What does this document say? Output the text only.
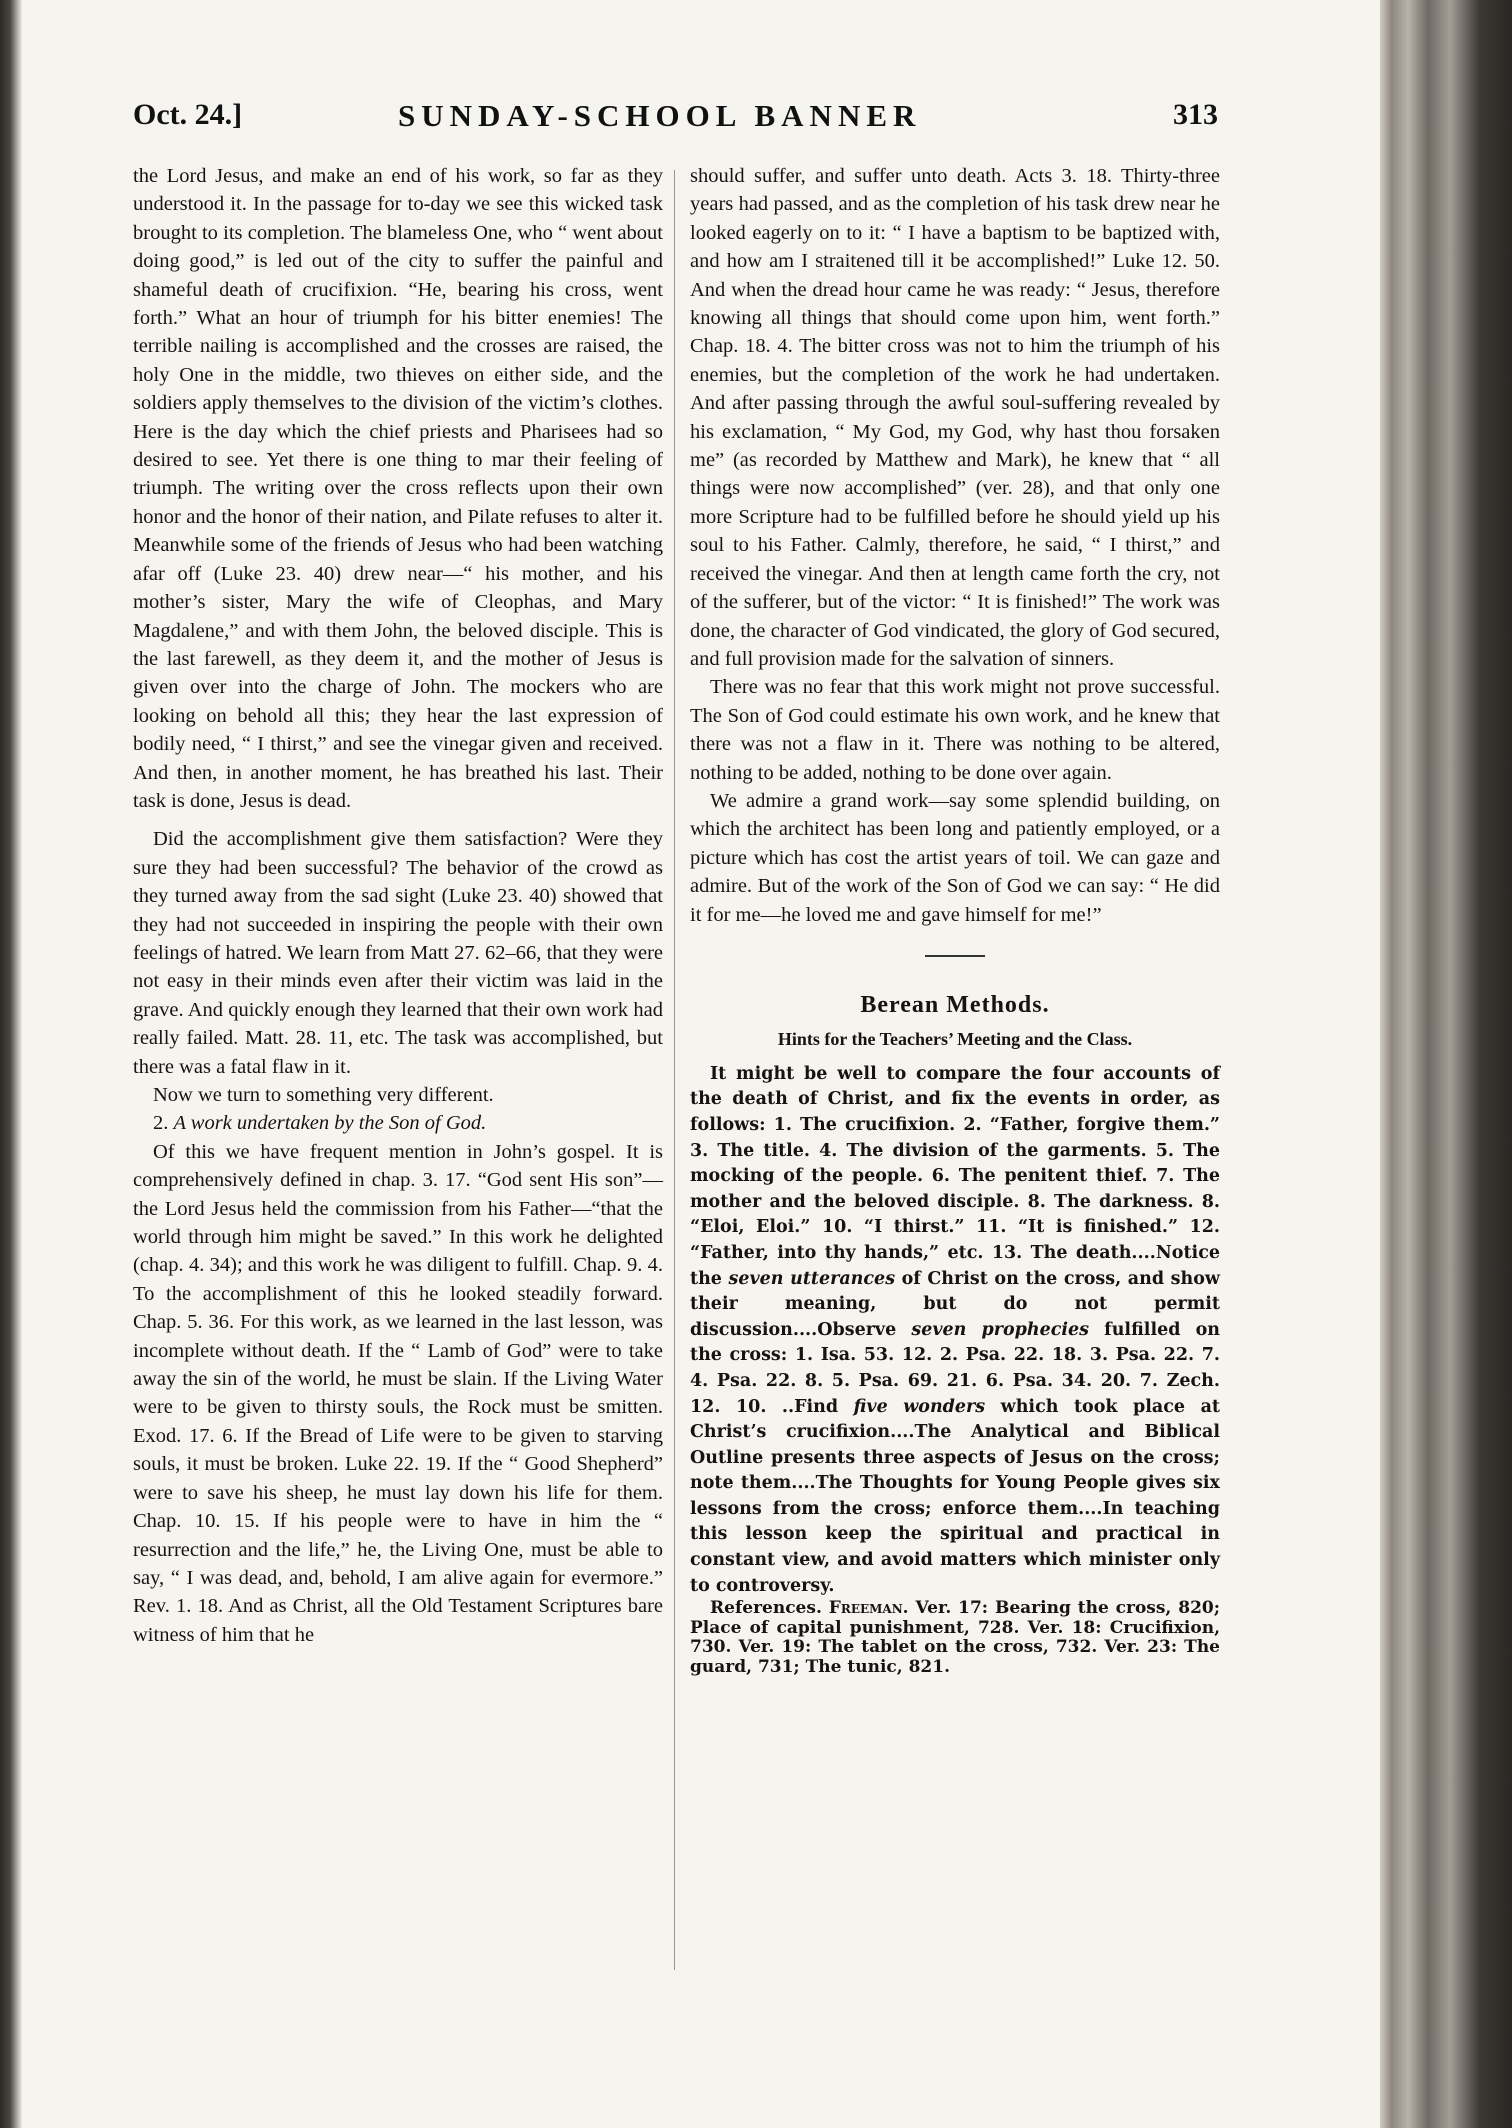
Oct. 24.]	SUNDAY-SCHOOL BANNER	313

the Lord Jesus, and make an end of his work, so far as they understood it. In the passage for to-day we see this wicked task brought to its completion. The blameless One, who “ went about doing good,” is led out of the city to suffer the painful and shameful death of crucifixion. “He, bearing his cross, went forth.” What an hour of triumph for his bitter enemies! The terrible nailing is accomplished and the crosses are raised, the holy One in the middle, two thieves on either side, and the soldiers apply themselves to the division of the victim’s clothes. Here is the day which the chief priests and Pharisees had so desired to see. Yet there is one thing to mar their feeling of triumph. The writing over the cross reflects upon their own honor and the honor of their nation, and Pilate refuses to alter it. Meanwhile some of the friends of Jesus who had been watching afar off (Luke 23. 40) drew near—“ his mother, and his mother’s sister, Mary the wife of Cleophas, and Mary Magdalene,” and with them John, the beloved disciple. This is the last farewell, as they deem it, and the mother of Jesus is given over into the charge of John. The mockers who are looking on behold all this; they hear the last expression of bodily need, “ I thirst,” and see the vinegar given and received. And then, in another moment, he has breathed his last. Their task is done, Jesus is dead.

Did the accomplishment give them satisfaction? Were they sure they had been successful? The behavior of the crowd as they turned away from the sad sight (Luke 23. 40) showed that they had not succeeded in inspiring the people with their own feelings of hatred. We learn from Matt 27. 62–66, that they were not easy in their minds even after their victim was laid in the grave. And quickly enough they learned that their own work had really failed. Matt. 28. 11, etc. The task was accomplished, but there was a fatal flaw in it.

Now we turn to something very different.

2. A work undertaken by the Son of God.

Of this we have frequent mention in John’s gospel. It is comprehensively defined in chap. 3. 17. “God sent His son”—the Lord Jesus held the commission from his Father—“that the world through him might be saved.” In this work he delighted (chap. 4. 34); and this work he was diligent to fulfill. Chap. 9. 4. To the accomplishment of this he looked steadily forward. Chap. 5. 36. For this work, as we learned in the last lesson, was incomplete without death. If the “ Lamb of God” were to take away the sin of the world, he must be slain. If the Living Water were to be given to thirsty souls, the Rock must be smitten. Exod. 17. 6. If the Bread of Life were to be given to starving souls, it must be broken. Luke 22. 19. If the “ Good Shepherd” were to save his sheep, he must lay down his life for them. Chap. 10. 15. If his people were to have in him the “ resurrection and the life,” he, the Living One, must be able to say, “ I was dead, and, behold, I am alive again for evermore.” Rev. 1. 18. And as Christ, all the Old Testament Scriptures bare witness of him that he

should suffer, and suffer unto death. Acts 3. 18. Thirty-three years had passed, and as the completion of his task drew near he looked eagerly on to it: “ I have a baptism to be baptized with, and how am I straitened till it be accomplished!” Luke 12. 50. And when the dread hour came he was ready: “ Jesus, therefore knowing all things that should come upon him, went forth.” Chap. 18. 4. The bitter cross was not to him the triumph of his enemies, but the completion of the work he had undertaken. And after passing through the awful soul-suffering revealed by his exclamation, “ My God, my God, why hast thou forsaken me” (as recorded by Matthew and Mark), he knew that “ all things were now accomplished” (ver. 28), and that only one more Scripture had to be fulfilled before he should yield up his soul to his Father. Calmly, therefore, he said, “ I thirst,” and received the vinegar. And then at length came forth the cry, not of the sufferer, but of the victor: “ It is finished!” The work was done, the character of God vindicated, the glory of God secured, and full provision made for the salvation of sinners.

There was no fear that this work might not prove successful. The Son of God could estimate his own work, and he knew that there was not a flaw in it. There was nothing to be altered, nothing to be added, nothing to be done over again.

We admire a grand work—say some splendid building, on which the architect has been long and patiently employed, or a picture which has cost the artist years of toil. We can gaze and admire. But of the work of the Son of God we can say: “ He did it for me—he loved me and gave himself for me!”

Berean Methods.
Hints for the Teachers’ Meeting and the Class.

It might be well to compare the four accounts of the death of Christ, and fix the events in order, as follows: 1. The crucifixion. 2. “Father, forgive them.” 3. The title. 4. The division of the garments. 5. The mocking of the people. 6. The penitent thief. 7. The mother and the beloved disciple. 8. The darkness. 8. “Eloi, Eloi.” 10. “I thirst.” 11. “It is finished.” 12. “Father, into thy hands,” etc. 13. The death....Notice the seven utterances of Christ on the cross, and show their meaning, but do not permit discussion....Observe seven prophecies fulfilled on the cross: 1. Isa. 53. 12. 2. Psa. 22. 18. 3. Psa. 22. 7. 4. Psa. 22. 8. 5. Psa. 69. 21. 6. Psa. 34. 20. 7. Zech. 12. 10. ..Find five wonders which took place at Christ’s crucifixion....The Analytical and Biblical Outline presents three aspects of Jesus on the cross; note them....The Thoughts for Young People gives six lessons from the cross; enforce them....In teaching this lesson keep the spiritual and practical in constant view, and avoid matters which minister only to controversy.

References. Freeman. Ver. 17: Bearing the cross, 820; Place of capital punishment, 728. Ver. 18: Crucifixion, 730. Ver. 19: The tablet on the cross, 732. Ver. 23: The guard, 731; The tunic, 821.
